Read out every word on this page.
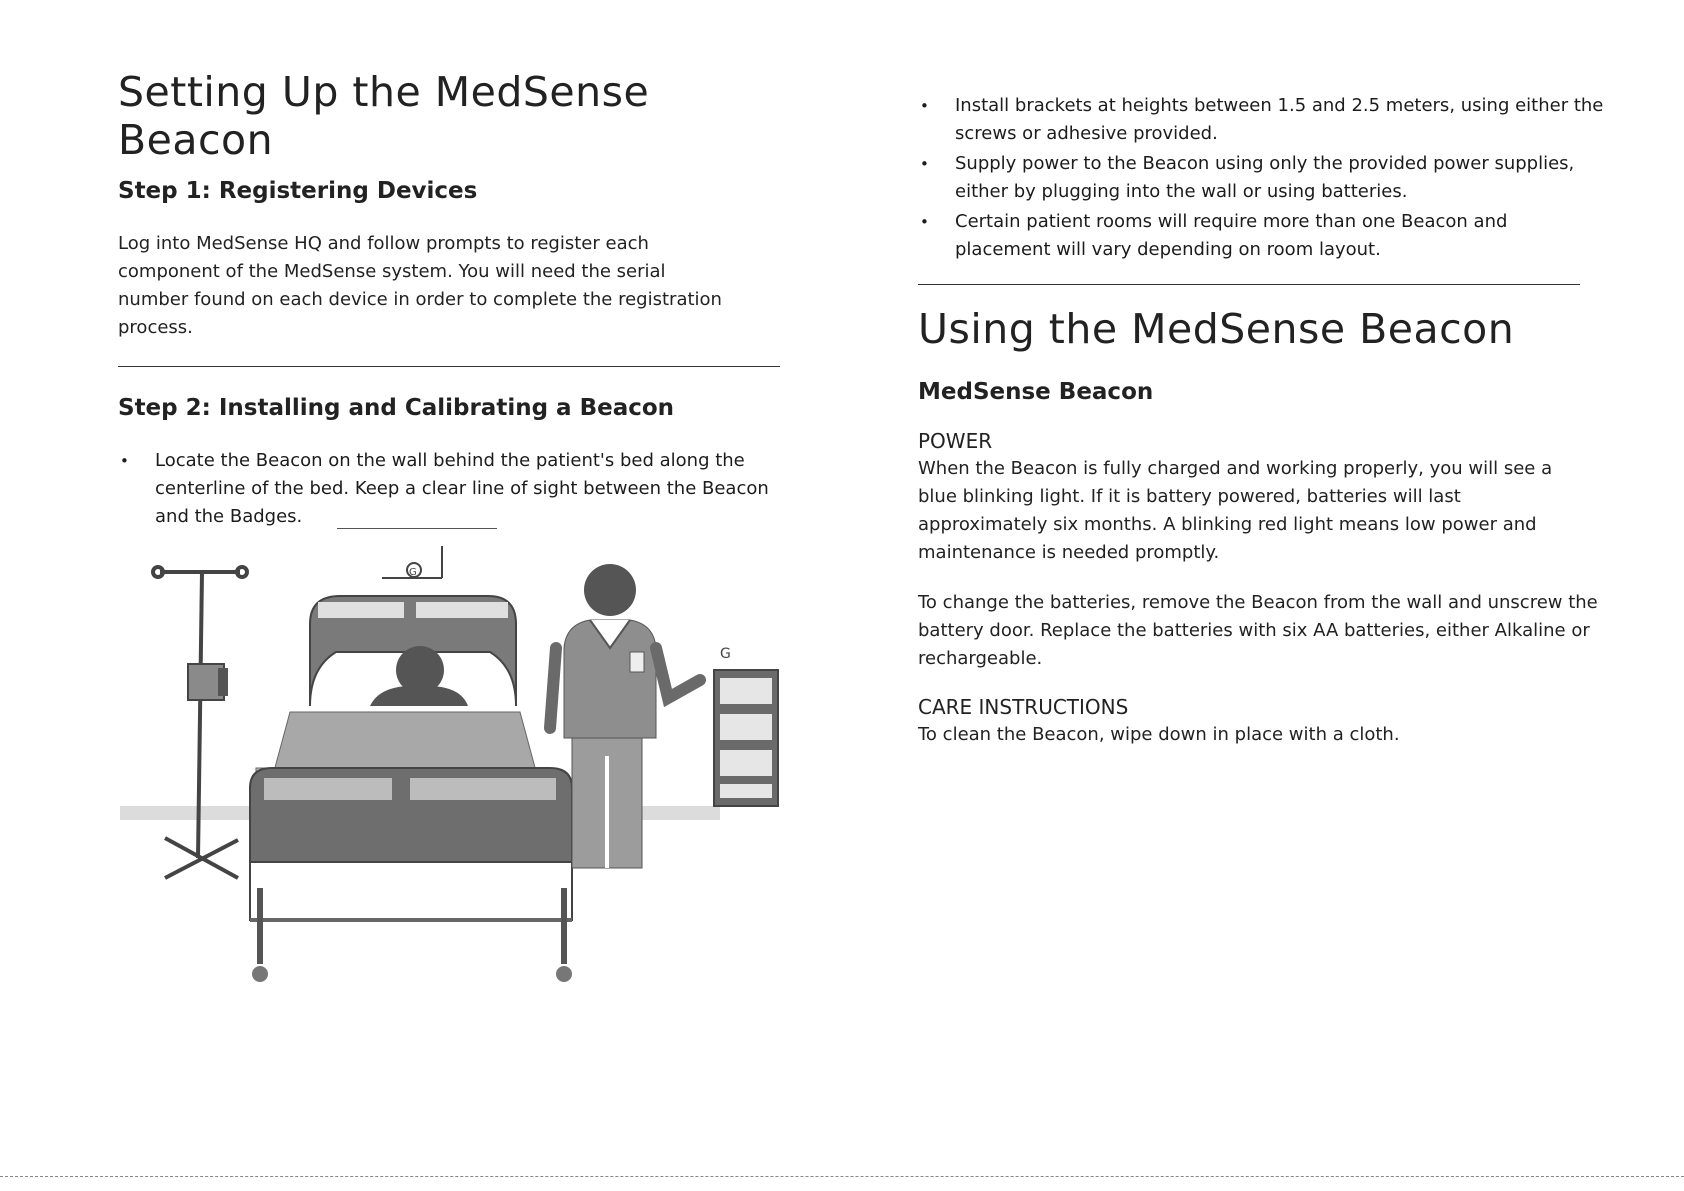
Setting Up the MedSense Beacon
Step 1: Registering Devices

Log into MedSense HQ and follow prompts to register each component of the MedSense system. You will need the serial number found on each device in order to complete the registration process.

Step 2: Installing and Calibrating a Beacon
• Locate the Beacon on the wall behind the patient's bed along the centerline of the bed. Keep a clear line of sight between the Beacon and the Badges.
G
G
• Install brackets at heights between 1.5 and 2.5 meters, using either the screws or adhesive provided.
• Supply power to the Beacon using only the provided power supplies, either by plugging into the wall or using batteries.
• Certain patient rooms will require more than one Beacon and placement will vary depending on room layout.
Using the MedSense Beacon
MedSense Beacon

POWER

When the Beacon is fully charged and working properly, you will see a blue blinking light. If it is battery powered, batteries will last approximately six months. A blinking red light means low power and maintenance is needed promptly.

To change the batteries, remove the Beacon from the wall and unscrew the battery door. Replace the batteries with six AA batteries, either Alkaline or rechargeable.

CARE INSTRUCTIONS

To clean the Beacon, wipe down in place with a cloth.
